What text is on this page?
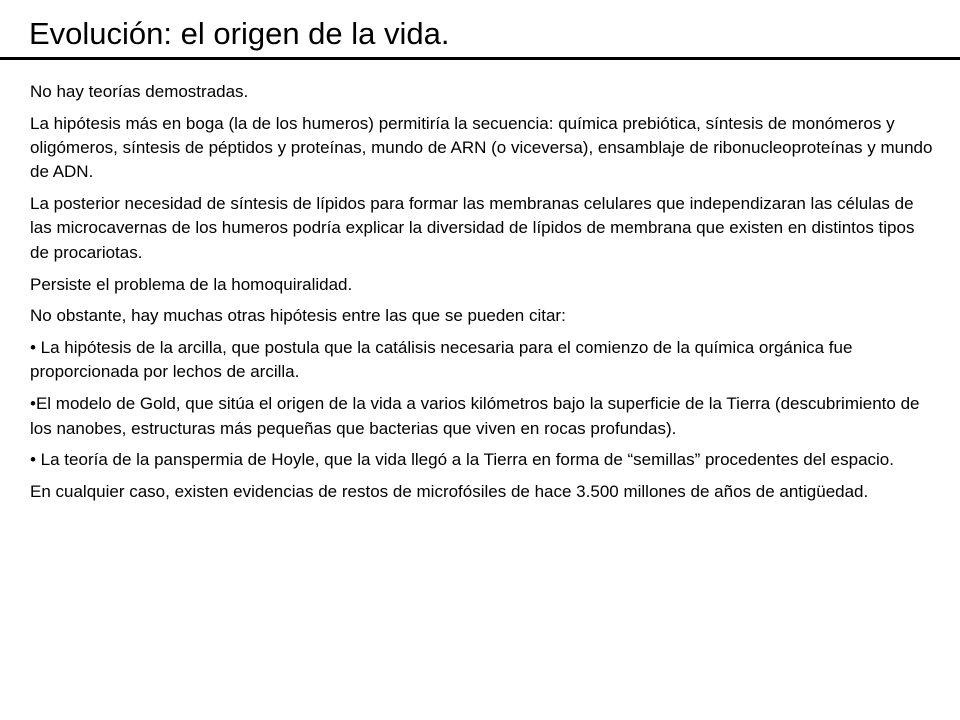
Evolución: el origen de la vida.

No hay teorías demostradas.

La hipótesis más en boga (la de los humeros) permitiría la secuencia: química prebiótica, síntesis de monómeros y oligómeros, síntesis de péptidos y proteínas, mundo de ARN (o viceversa), ensamblaje de ribonucleoproteínas y mundo de ADN.

La posterior necesidad de síntesis de lípidos para formar las membranas celulares que independizaran las células de las microcavernas de los humeros podría explicar la diversidad de lípidos de membrana que existen en distintos tipos de procariotas.

Persiste el problema de la homoquiralidad.

No obstante, hay muchas otras hipótesis entre las que se pueden citar:

• La hipótesis de la arcilla, que postula que la catálisis necesaria para el comienzo de la química orgánica fue proporcionada por lechos de arcilla.

•El modelo de Gold, que sitúa el origen de la vida a varios kilómetros bajo la superficie de la Tierra (descubrimiento de los nanobes, estructuras más pequeñas que bacterias que viven en rocas profundas).

• La teoría de la panspermia de Hoyle, que la vida llegó a la Tierra en forma de “semillas” procedentes del espacio.

En cualquier caso, existen evidencias de restos de microfósiles de hace 3.500 millones de años de antigüedad.
